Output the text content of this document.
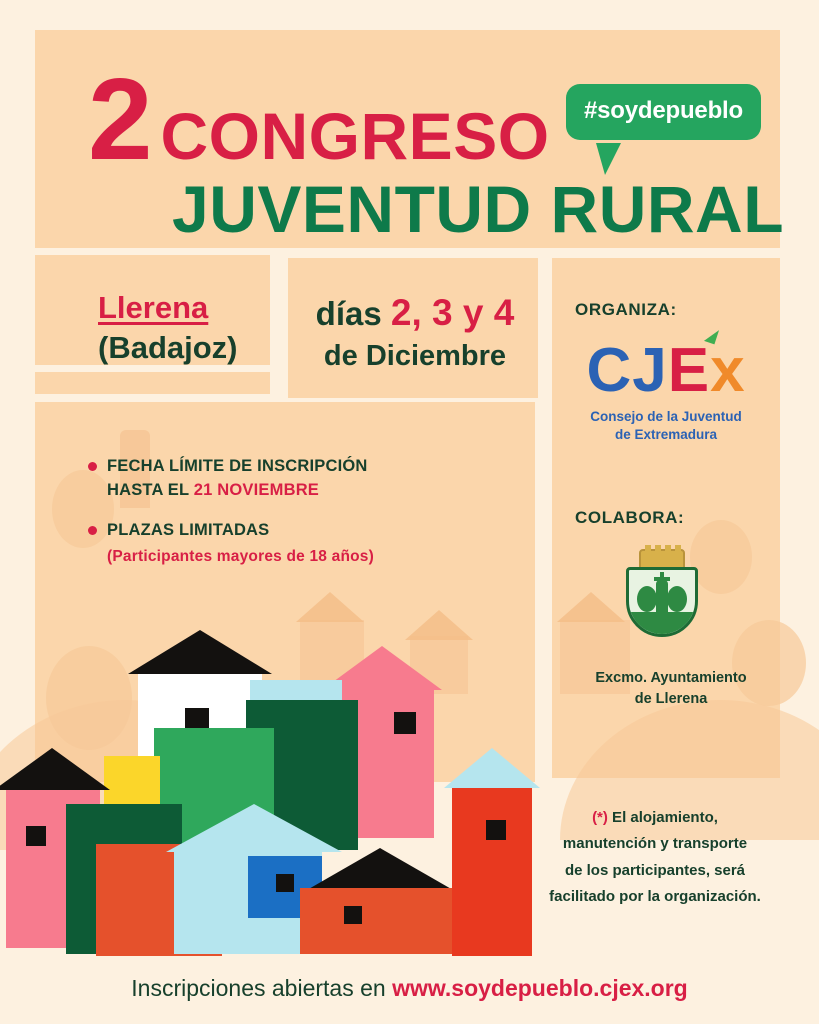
2 CONGRESO
JUVENTUD RURAL
#soydepueblo
Llerena
(Badajoz)
días 2, 3 y 4
de Diciembre
ORGANIZA:
CJEx
Consejo de la Juventud
de Extremadura
COLABORA:
Excmo. Ayuntamiento
de Llerena
FECHA LÍMITE DE INSCRIPCIÓN
HASTA EL 21 NOVIEMBRE
PLAZAS LIMITADAS
(Participantes mayores de 18 años)
(*) El alojamiento,
manutención y transporte
de los participantes, será
facilitado por la organización.
Inscripciones abiertas en www.soydepueblo.cjex.org
